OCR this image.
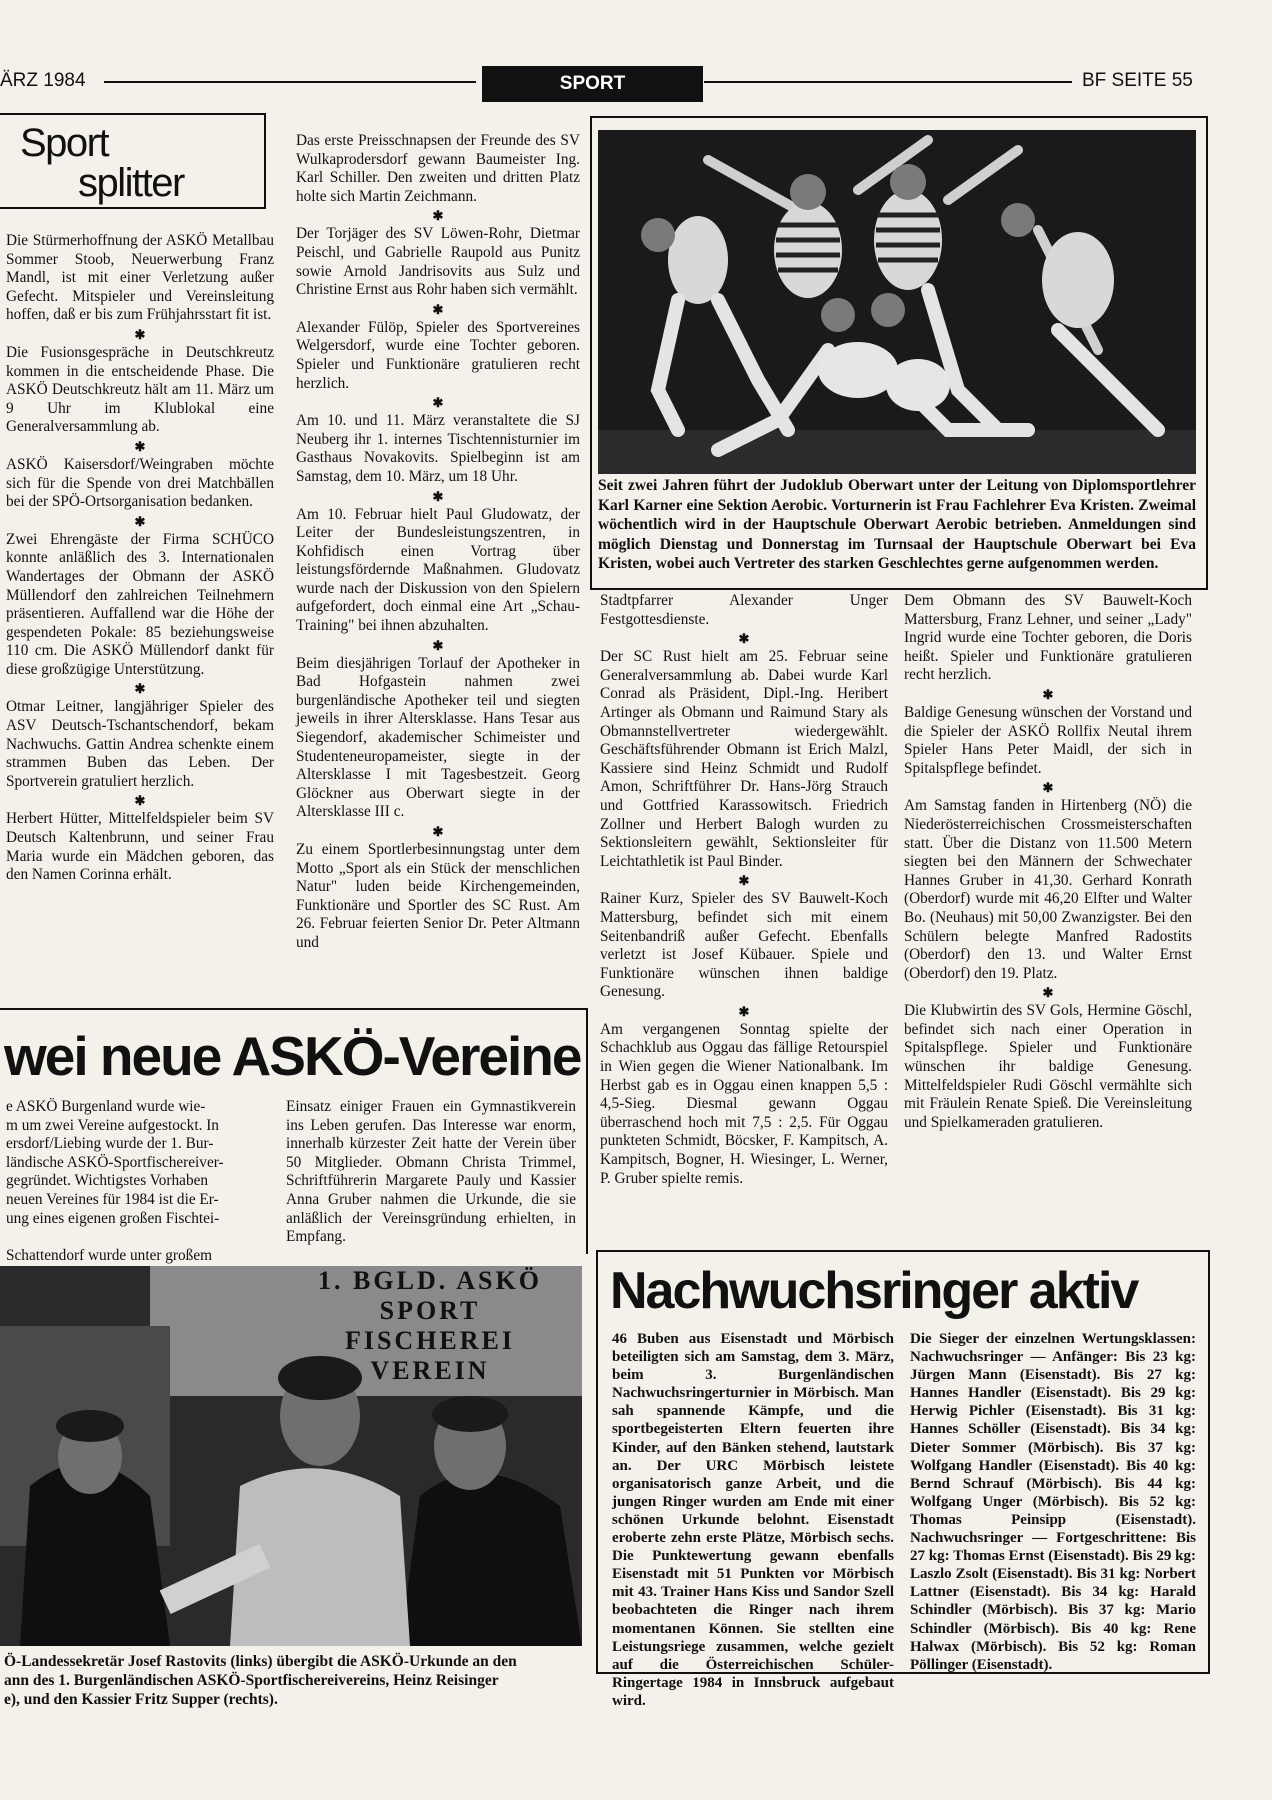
ÄRZ 1984	SPORT	BF SEITE 55
Sport
splitter

Die Stürmerhoffnung der ASKÖ Metallbau Sommer Stoob, Neuerwerbung Franz Mandl, ist mit einer Verletzung außer Gefecht. Mitspieler und Vereinsleitung hoffen, daß er bis zum Frühjahrsstart fit ist.

✱

Die Fusionsgespräche in Deutschkreutz kommen in die entscheidende Phase. Die ASKÖ Deutschkreutz hält am 11. März um 9 Uhr im Klublokal eine Generalversammlung ab.

✱

ASKÖ Kaisersdorf/Weingraben möchte sich für die Spende von drei Matchbällen bei der SPÖ-Ortsorganisation bedanken.

✱

Zwei Ehrengäste der Firma SCHÜCO konnte anläßlich des 3. Internationalen Wandertages der Obmann der ASKÖ Müllendorf den zahlreichen Teilnehmern präsentieren. Auffallend war die Höhe der gespendeten Pokale: 85 beziehungsweise 110 cm. Die ASKÖ Müllendorf dankt für diese großzügige Unterstützung.

✱

Otmar Leitner, langjähriger Spieler des ASV Deutsch-Tschantschendorf, bekam Nachwuchs. Gattin Andrea schenkte einem strammen Buben das Leben. Der Sportverein gratuliert herzlich.

✱

Herbert Hütter, Mittelfeldspieler beim SV Deutsch Kaltenbrunn, und seiner Frau Maria wurde ein Mädchen geboren, das den Namen Corinna erhält.

Das erste Preisschnapsen der Freunde des SV Wulkaprodersdorf gewann Baumeister Ing. Karl Schiller. Den zweiten und dritten Platz holte sich Martin Zeichmann.

✱

Der Torjäger des SV Löwen-Rohr, Dietmar Peischl, und Gabrielle Raupold aus Punitz sowie Arnold Jandrisovits aus Sulz und Christine Ernst aus Rohr haben sich vermählt.

✱

Alexander Fülöp, Spieler des Sportvereines Welgersdorf, wurde eine Tochter geboren. Spieler und Funktionäre gratulieren recht herzlich.

✱

Am 10. und 11. März veranstaltete die SJ Neuberg ihr 1. internes Tischtennisturnier im Gasthaus Novakovits. Spielbeginn ist am Samstag, dem 10. März, um 18 Uhr.

✱

Am 10. Februar hielt Paul Gludowatz, der Leiter der Bundesleistungszentren, in Kohfidisch einen Vortrag über leistungsfördernde Maßnahmen. Gludovatz wurde nach der Diskussion von den Spielern aufgefordert, doch einmal eine Art „Schau-Training" bei ihnen abzuhalten.

✱

Beim diesjährigen Torlauf der Apotheker in Bad Hofgastein nahmen zwei burgenländische Apotheker teil und siegten jeweils in ihrer Altersklasse. Hans Tesar aus Siegendorf, akademischer Schimeister und Studenteneuropameister, siegte in der Altersklasse I mit Tagesbestzeit. Georg Glöckner aus Oberwart siegte in der Altersklasse III c.

✱

Zu einem Sportlerbesinnungstag unter dem Motto „Sport als ein Stück der menschlichen Natur" luden beide Kirchengemeinden, Funktionäre und Sportler des SC Rust. Am 26. Februar feierten Senior Dr. Peter Altmann und

Seit zwei Jahren führt der Judoklub Oberwart unter der Leitung von Diplomsportlehrer Karl Karner eine Sektion Aerobic. Vorturnerin ist Frau Fachlehrer Eva Kristen. Zweimal wöchentlich wird in der Hauptschule Oberwart Aerobic betrieben. Anmeldungen sind möglich Dienstag und Donnerstag im Turnsaal der Hauptschule Oberwart bei Eva Kristen, wobei auch Vertreter des starken Geschlechtes gerne aufgenommen werden.

Stadtpfarrer Alexander Unger Festgottesdienste.

✱

Der SC Rust hielt am 25. Februar seine Generalversammlung ab. Dabei wurde Karl Conrad als Präsident, Dipl.-Ing. Heribert Artinger als Obmann und Raimund Stary als Obmannstellvertreter wiedergewählt. Geschäftsführender Obmann ist Erich Malzl, Kassiere sind Heinz Schmidt und Rudolf Amon, Schriftführer Dr. Hans-Jörg Strauch und Gottfried Karassowitsch. Friedrich Zollner und Herbert Balogh wurden zu Sektionsleitern gewählt, Sektionsleiter für Leichtathletik ist Paul Binder.

✱

Rainer Kurz, Spieler des SV Bauwelt-Koch Mattersburg, befindet sich mit einem Seitenbandriß außer Gefecht. Ebenfalls verletzt ist Josef Kübauer. Spiele und Funktionäre wünschen ihnen baldige Genesung.

✱

Am vergangenen Sonntag spielte der Schachklub aus Oggau das fällige Retourspiel in Wien gegen die Wiener Nationalbank. Im Herbst gab es in Oggau einen knappen 5,5 : 4,5-Sieg. Diesmal gewann Oggau überraschend hoch mit 7,5 : 2,5. Für Oggau punkteten Schmidt, Böcsker, F. Kampitsch, A. Kampitsch, Bogner, H. Wiesinger, L. Werner, P. Gruber spielte remis.

Dem Obmann des SV Bauwelt-Koch Mattersburg, Franz Lehner, und seiner „Lady" Ingrid wurde eine Tochter geboren, die Doris heißt. Spieler und Funktionäre gratulieren recht herzlich.

✱

Baldige Genesung wünschen der Vorstand und die Spieler der ASKÖ Rollfix Neutal ihrem Spieler Hans Peter Maidl, der sich in Spitalspflege befindet.

✱

Am Samstag fanden in Hirtenberg (NÖ) die Niederösterreichischen Crossmeisterschaften statt. Über die Distanz von 11.500 Metern siegten bei den Männern der Schwechater Hannes Gruber in 41,30. Gerhard Konrath (Oberdorf) wurde mit 46,20 Elfter und Walter Bo. (Neuhaus) mit 50,00 Zwanzigster. Bei den Schülern belegte Manfred Radostits (Oberdorf) den 13. und Walter Ernst (Oberdorf) den 19. Platz.

✱

Die Klubwirtin des SV Gols, Hermine Göschl, befindet sich nach einer Operation in Spitalspflege. Spieler und Funktionäre wünschen ihr baldige Genesung. Mittelfeldspieler Rudi Göschl vermählte sich mit Fräulein Renate Spieß. Die Vereinsleitung und Spielkameraden gratulieren.

wei neue ASKÖ-Vereine
e ASKÖ Burgenland wurde wie-
m um zwei Vereine aufgestockt. In
ersdorf/Liebing wurde der 1. Bur-
ländische ASKÖ-Sportfischereiver-
gegründet. Wichtigstes Vorhaben
neuen Vereines für 1984 ist die Er-
ung eines eigenen großen Fischtei-

Schattendorf wurde unter großem
Einsatz einiger Frauen ein Gymnastikverein ins Leben gerufen. Das Interesse war enorm, innerhalb kürzester Zeit hatte der Verein über 50 Mitglieder. Obmann Christa Trimmel, Schriftführerin Margarete Pauly und Kassier Anna Gruber nahmen die Urkunde, die sie anläßlich der Vereinsgründung erhielten, in Empfang.
1. BGLD. ASKÖ
SPORT
FISCHEREI
VEREIN
Ö-Landessekretär Josef Rastovits (links) übergibt die ASKÖ-Urkunde an den
ann des 1. Burgenländischen ASKÖ-Sportfischereivereins, Heinz Reisinger
e), und den Kassier Fritz Supper (rechts).
Nachwuchsringer aktiv
46 Buben aus Eisenstadt und Mörbisch beteiligten sich am Samstag, dem 3. März, beim 3. Burgenländischen Nachwuchsringerturnier in Mörbisch. Man sah spannende Kämpfe, und die sportbegeisterten Eltern feuerten ihre Kinder, auf den Bänken stehend, lautstark an. Der URC Mörbisch leistete organisatorisch ganze Arbeit, und die jungen Ringer wurden am Ende mit einer schönen Urkunde belohnt. Eisenstadt eroberte zehn erste Plätze, Mörbisch sechs. Die Punktewertung gewann ebenfalls Eisenstadt mit 51 Punkten vor Mörbisch mit 43. Trainer Hans Kiss und Sandor Szell beobachteten die Ringer nach ihrem momentanen Können. Sie stellten eine Leistungsriege zusammen, welche gezielt auf die Österreichischen Schüler-Ringertage 1984 in Innsbruck aufgebaut wird.
Die Sieger der einzelnen Wertungsklassen: Nachwuchsringer — Anfänger: Bis 23 kg: Jürgen Mann (Eisenstadt). Bis 27 kg: Hannes Handler (Eisenstadt). Bis 29 kg: Herwig Pichler (Eisenstadt). Bis 31 kg: Hannes Schöller (Eisenstadt). Bis 34 kg: Dieter Sommer (Mörbisch). Bis 37 kg: Wolfgang Handler (Eisenstadt). Bis 40 kg: Bernd Schrauf (Mörbisch). Bis 44 kg: Wolfgang Unger (Mörbisch). Bis 52 kg: Thomas Peinsipp (Eisenstadt). Nachwuchsringer — Fortgeschrittene: Bis 27 kg: Thomas Ernst (Eisenstadt). Bis 29 kg: Laszlo Zsolt (Eisenstadt). Bis 31 kg: Norbert Lattner (Eisenstadt). Bis 34 kg: Harald Schindler (Mörbisch). Bis 37 kg: Mario Schindler (Mörbisch). Bis 40 kg: Rene Halwax (Mörbisch). Bis 52 kg: Roman Pöllinger (Eisenstadt).
